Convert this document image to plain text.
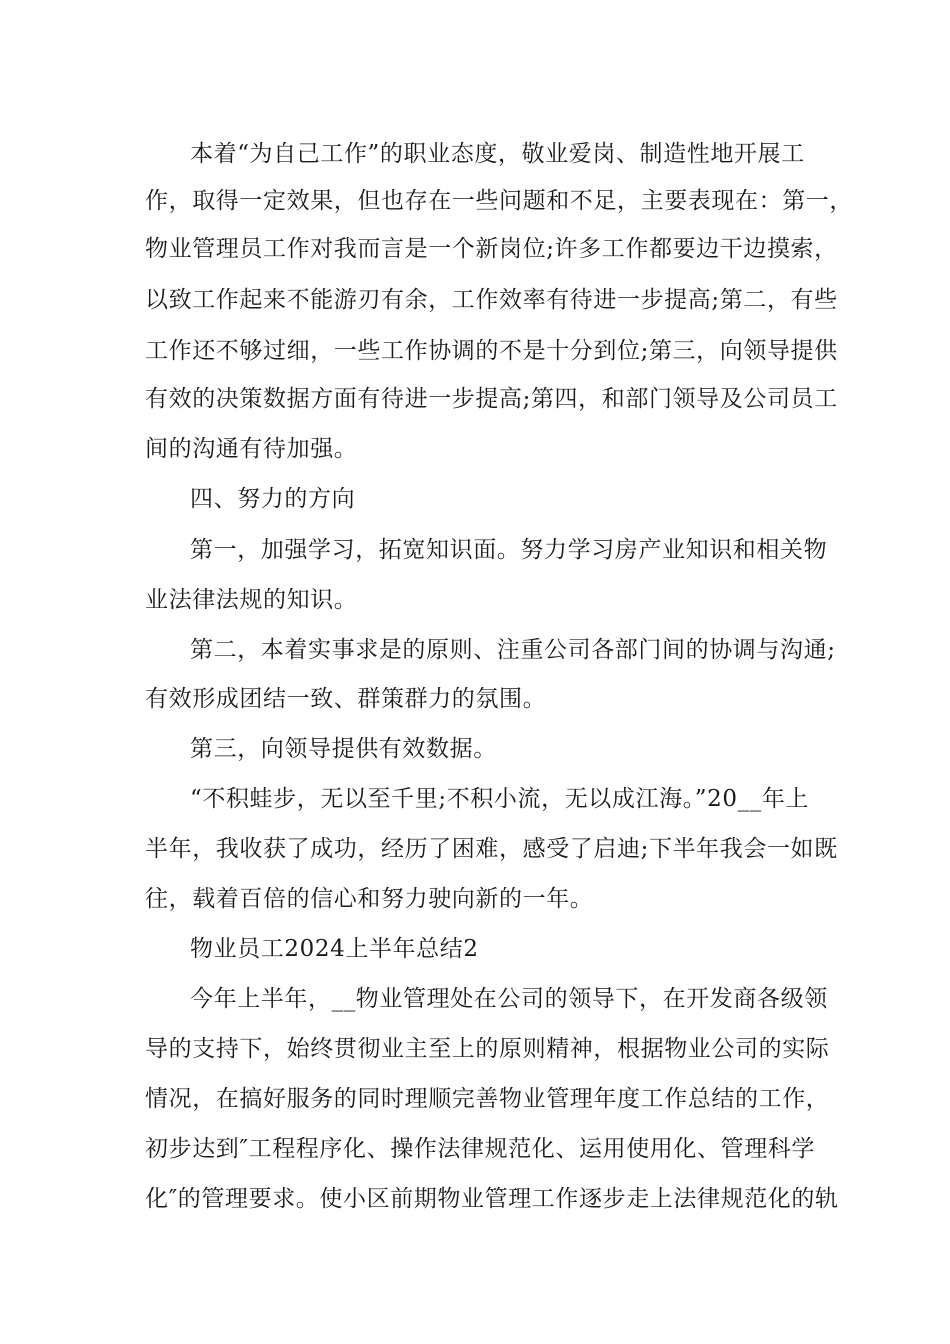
本着“为自己工作”的职业态度，敬业爱岗、制造性地开展工
作，取得一定效果，但也存在一些问题和不足，主要表现在：第一，
物业管理员工作对我而言是一个新岗位;许多工作都要边干边摸索，
以致工作起来不能游刃有余，工作效率有待进一步提高;第二，有些
工作还不够过细，一些工作协调的不是十分到位;第三，向领导提供
有效的决策数据方面有待进一步提高;第四，和部门领导及公司员工
间的沟通有待加强。
四、努力的方向
第一，加强学习，拓宽知识面。努力学习房产业知识和相关物
业法律法规的知识。
第二，本着实事求是的原则、注重公司各部门间的协调与沟通;
有效形成团结一致、群策群力的氛围。
第三，向领导提供有效数据。
“不积蛙步，无以至千里;不积小流，无以成江海。”20__年上
半年，我收获了成功，经历了困难，感受了启迪;下半年我会一如既
往，载着百倍的信心和努力驶向新的一年。
物业员工2024上半年总结2
今年上半年，__物业管理处在公司的领导下，在开发商各级领
导的支持下，始终贯彻业主至上的原则精神，根据物业公司的实际
情况，在搞好服务的同时理顺完善物业管理年度工作总结的工作，
初步达到″工程程序化、操作法律规范化、运用使用化、管理科学
化″的管理要求。使小区前期物业管理工作逐步走上法律规范化的轨
